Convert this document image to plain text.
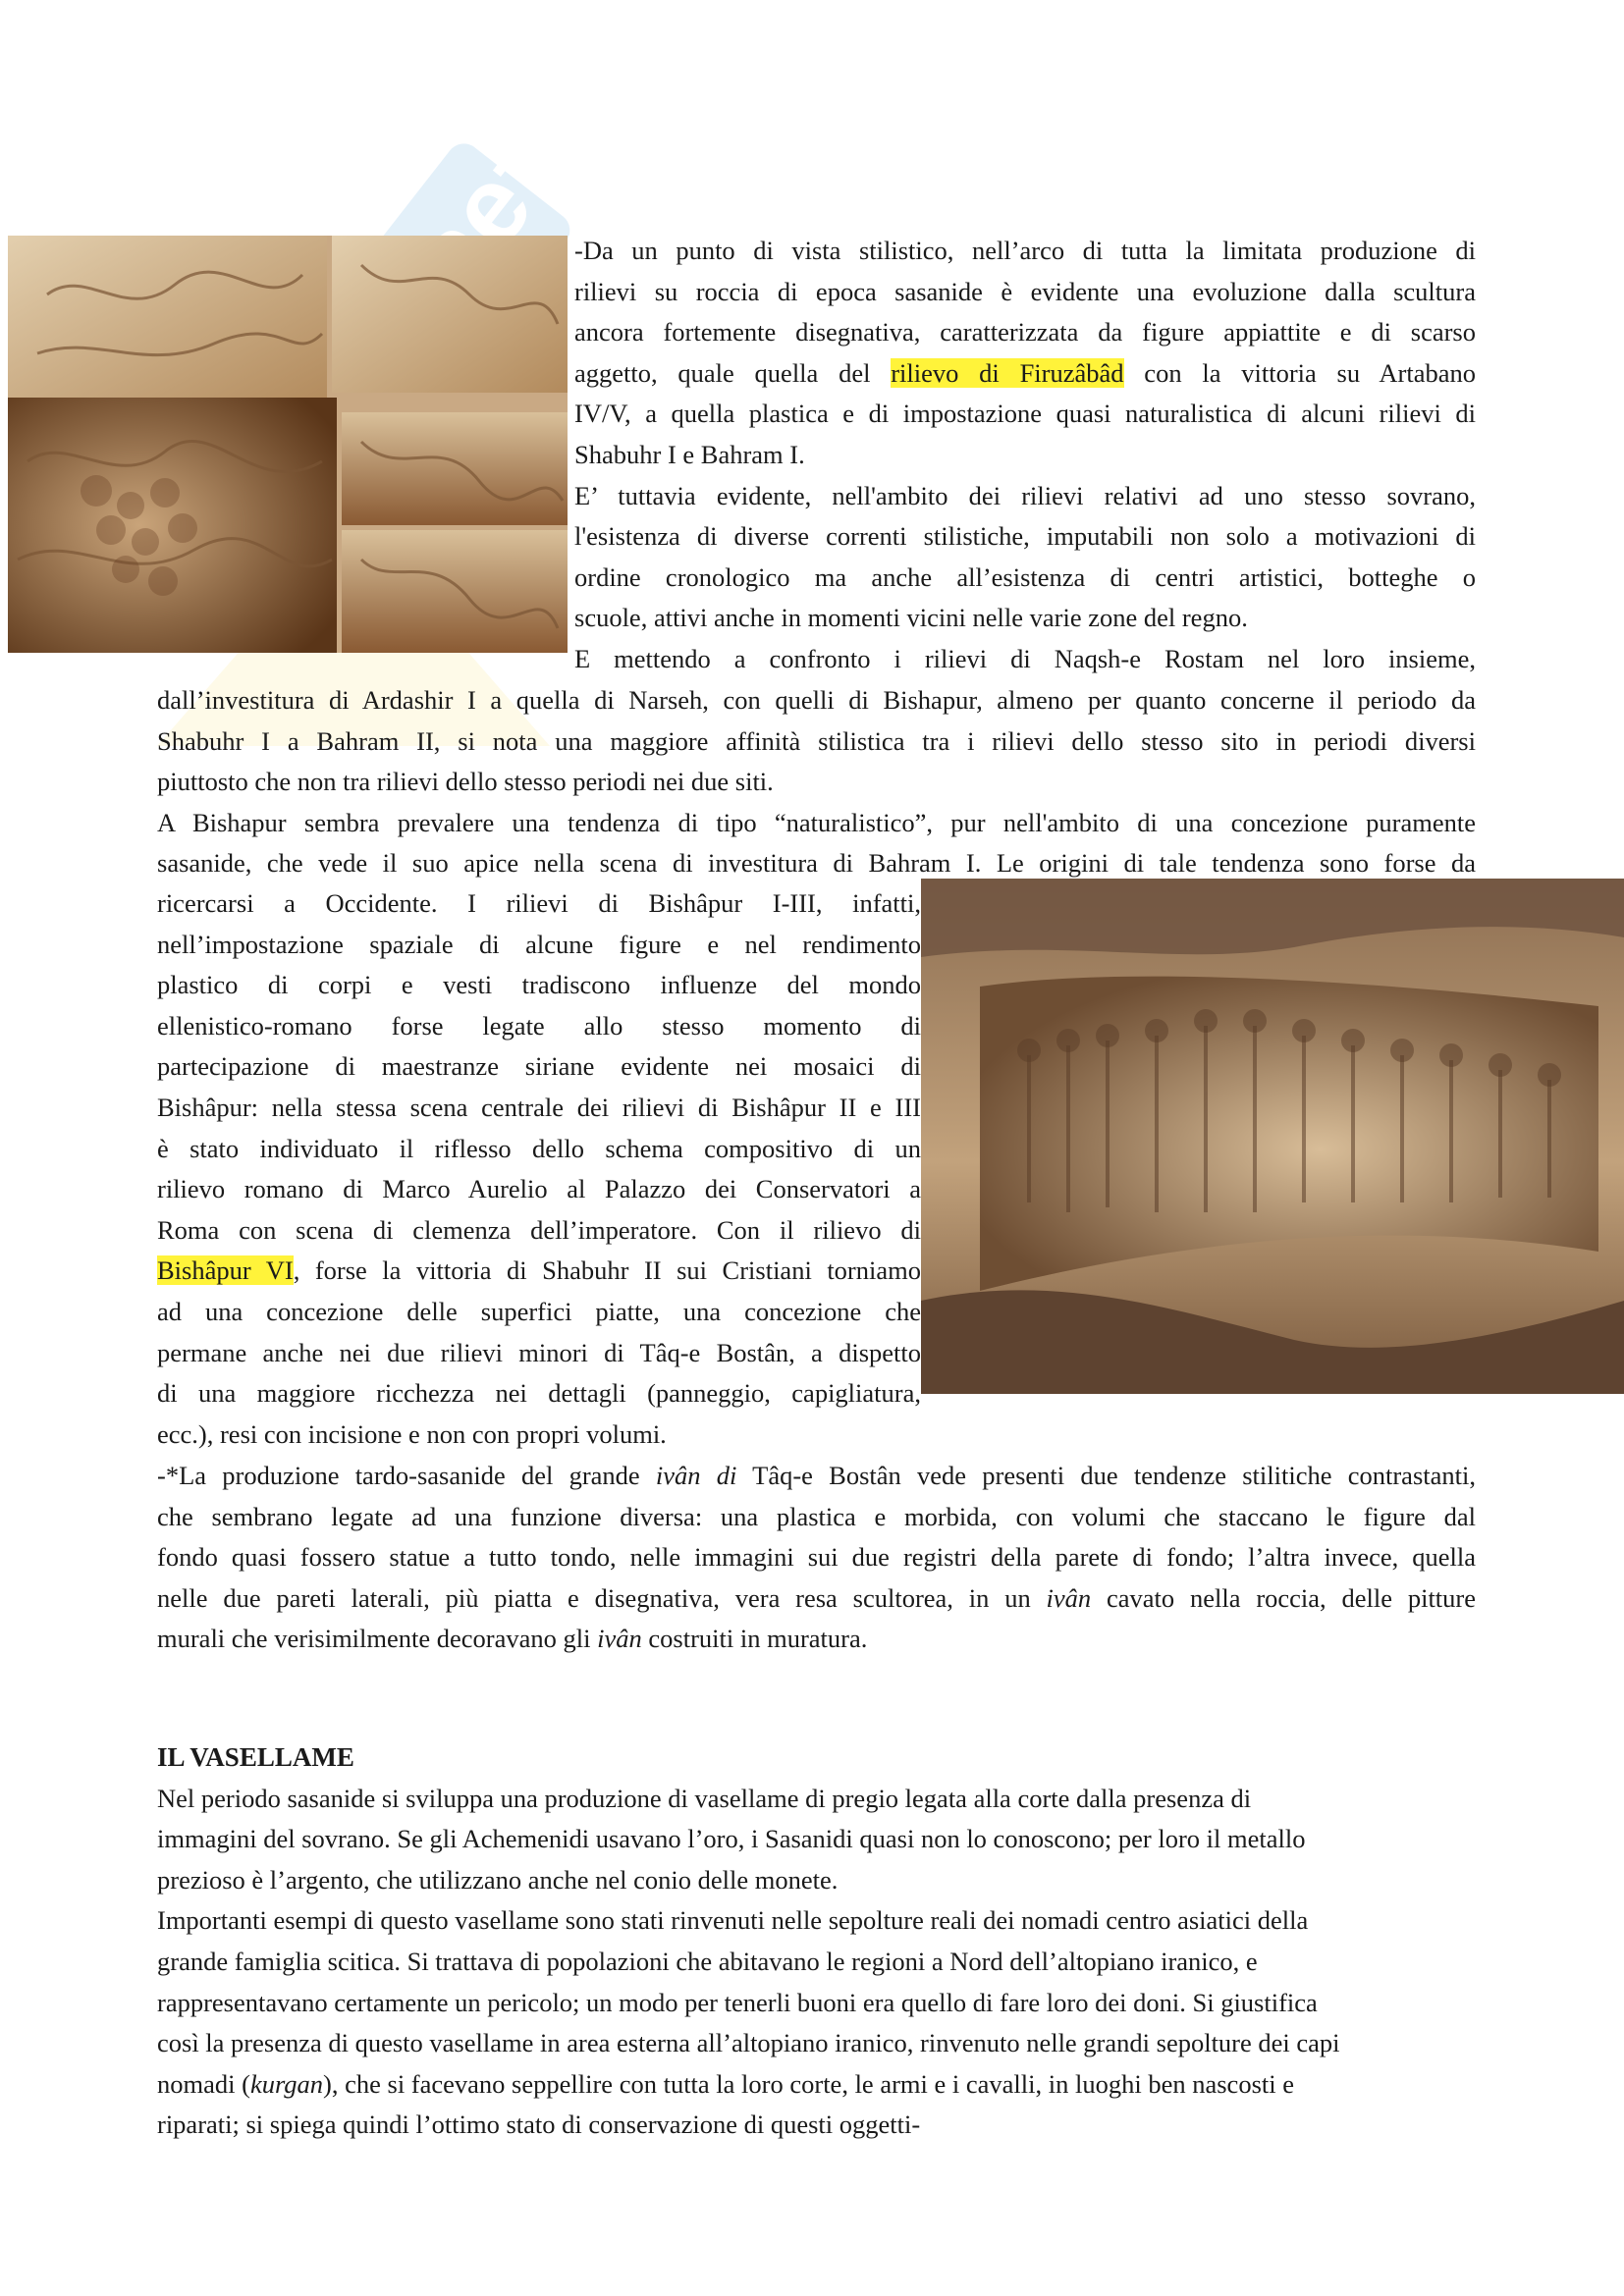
-Da un punto di vista stilistico, nell’arco di tutta la limitata produzione di

rilievi su roccia di epoca sasanide è evidente una evoluzione dalla scultura

ancora fortemente disegnativa, caratterizzata da figure appiattite e di scarso

aggetto, quale quella del rilievo di Firuzâbâd con la vittoria su Artabano

IV/V, a quella plastica e di impostazione quasi naturalistica di alcuni rilievi di

Shabuhr I e Bahram I.

E’ tuttavia evidente, nell'ambito dei rilievi relativi ad uno stesso sovrano,

l'esistenza di diverse correnti stilistiche, imputabili non solo a motivazioni di

ordine cronologico ma anche all’esistenza di centri artistici, botteghe o

scuole, attivi anche in momenti vicini nelle varie zone del regno.

E mettendo a confronto i rilievi di Naqsh-e Rostam nel loro insieme,

dall’investitura di Ardashir I a quella di Narseh, con quelli di Bishapur, almeno per quanto concerne il periodo da

Shabuhr I a Bahram II, si nota una maggiore affinità stilistica tra i rilievi dello stesso sito in periodi diversi

piuttosto che non tra rilievi dello stesso periodi nei due siti.

A Bishapur sembra prevalere una tendenza di tipo “naturalistico”, pur nell'ambito di una concezione puramente

sasanide, che vede il suo apice nella scena di investitura di Bahram I. Le origini di tale tendenza sono forse da

ricercarsi a Occidente. I rilievi di Bishâpur I-III, infatti,

nell’impostazione spaziale di alcune figure e nel rendimento

plastico di corpi e vesti tradiscono influenze del mondo

ellenistico-romano forse legate allo stesso momento di

partecipazione di maestranze siriane evidente nei mosaici di

Bishâpur: nella stessa scena centrale dei rilievi di Bishâpur II e III

è stato individuato il riflesso dello schema compositivo di un

rilievo romano di Marco Aurelio al Palazzo dei Conservatori a

Roma con scena di clemenza dell’imperatore. Con il rilievo di

Bishâpur VI, forse la vittoria di Shabuhr II sui Cristiani torniamo

ad una concezione delle superfici piatte, una concezione che

permane anche nei due rilievi minori di Tâq-e Bostân, a dispetto

di una maggiore ricchezza nei dettagli (panneggio, capigliatura,

ecc.), resi con incisione e non con propri volumi.

-*La produzione tardo-sasanide del grande ivân di Tâq-e Bostân vede presenti due tendenze stilitiche contrastanti,

che sembrano legate ad una funzione diversa: una plastica e morbida, con volumi che staccano le figure dal

fondo quasi fossero statue a tutto tondo, nelle immagini sui due registri della parete di fondo; l’altra invece, quella

nelle due pareti laterali, più piatta e disegnativa, vera resa scultorea, in un ivân cavato nella roccia, delle pitture

murali che verisimilmente decoravano gli ivân costruiti in muratura.

IL VASELLAME

Nel periodo sasanide si sviluppa una produzione di vasellame di pregio legata alla corte dalla presenza di

immagini del sovrano. Se gli Achemenidi usavano l’oro, i Sasanidi quasi non lo conoscono; per loro il metallo

prezioso è l’argento, che utilizzano anche nel conio delle monete.

Importanti esempi di questo vasellame sono stati rinvenuti nelle sepolture reali dei nomadi centro asiatici della

grande famiglia scitica. Si trattava di popolazioni che abitavano le regioni a Nord dell’altopiano iranico, e

rappresentavano certamente un pericolo; un modo per tenerli buoni era quello di fare loro dei doni. Si giustifica

così la presenza di questo vasellame in area esterna all’altopiano iranico, rinvenuto nelle grandi sepolture dei capi

nomadi (kurgan), che si facevano seppellire con tutta la loro corte, le armi e i cavalli, in luoghi ben nascosti e

riparati; si spiega quindi l’ottimo stato di conservazione di questi oggetti-
